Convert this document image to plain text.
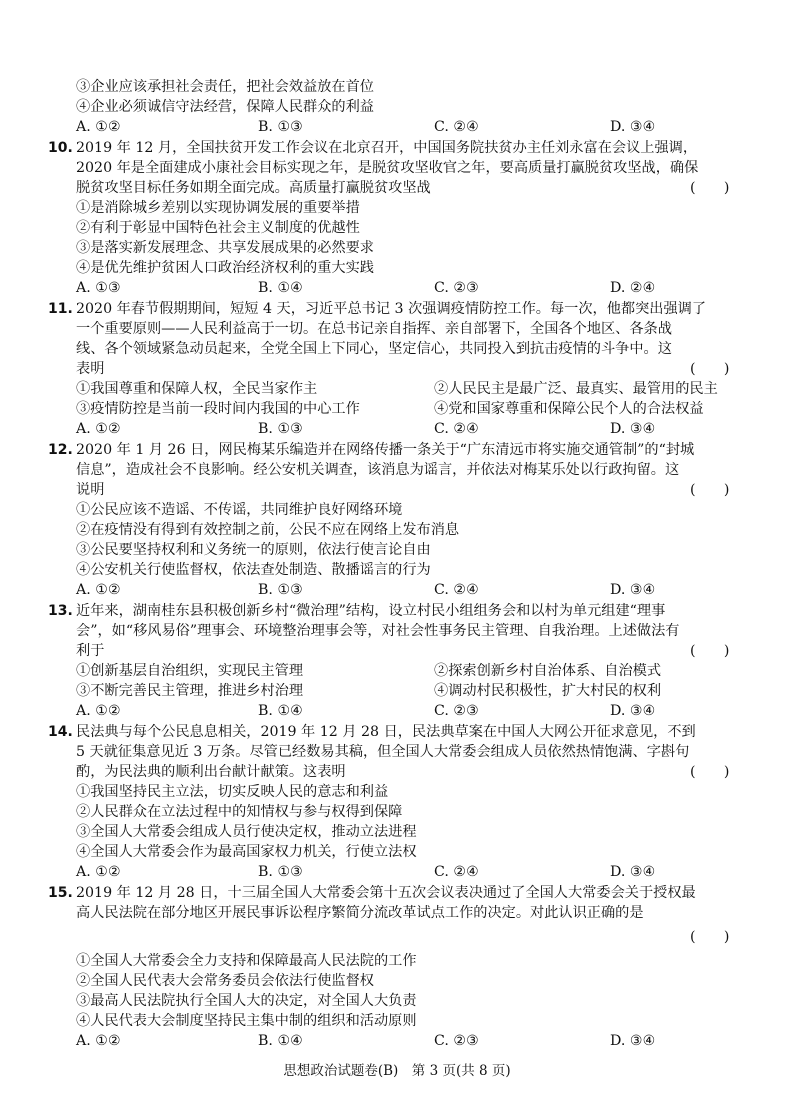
③企业应该承担社会责任，把社会效益放在首位
④企业必须诚信守法经营，保障人民群众的利益
A. ①②	B. ①③	C. ②④	D. ③④
10. 2019 年 12 月，全国扶贫开发工作会议在北京召开，中国国务院扶贫办主任刘永富在会议上强调，
2020 年是全面建成小康社会目标实现之年，是脱贫攻坚收官之年，要高质量打赢脱贫攻坚战，确保
脱贫攻坚目标任务如期全面完成。高质量打赢脱贫攻坚战	(　　)
①是消除城乡差别以实现协调发展的重要举措
②有利于彰显中国特色社会主义制度的优越性
③是落实新发展理念、共享发展成果的必然要求
④是优先维护贫困人口政治经济权利的重大实践
A. ①③	B. ①④	C. ②③	D. ②④
11. 2020 年春节假期期间，短短 4 天，习近平总书记 3 次强调疫情防控工作。每一次，他都突出强调了
一个重要原则——人民利益高于一切。在总书记亲自指挥、亲自部署下，全国各个地区、各条战
线、各个领域紧急动员起来，全党全国上下同心，坚定信心，共同投入到抗击疫情的斗争中。这
表明	(　　)
①我国尊重和保障人权，全民当家作主	②人民民主是最广泛、最真实、最管用的民主
③疫情防控是当前一段时间内我国的中心工作	④党和国家尊重和保障公民个人的合法权益
A. ①②	B. ①③	C. ②④	D. ③④
12. 2020 年 1 月 26 日，网民梅某乐编造并在网络传播一条关于“广东清远市将实施交通管制”的“封城
信息”，造成社会不良影响。经公安机关调查，该消息为谣言，并依法对梅某乐处以行政拘留。这
说明	(　　)
①公民应该不造谣、不传谣，共同维护良好网络环境
②在疫情没有得到有效控制之前，公民不应在网络上发布消息
③公民要坚持权利和义务统一的原则，依法行使言论自由
④公安机关行使监督权，依法查处制造、散播谣言的行为
A. ①②	B. ①③	C. ②④	D. ③④
13. 近年来，湖南桂东县积极创新乡村“微治理”结构，设立村民小组组务会和以村为单元组建“理事
会”，如“移风易俗”理事会、环境整治理事会等，对社会性事务民主管理、自我治理。上述做法有
利于	(　　)
①创新基层自治组织，实现民主管理	②探索创新乡村自治体系、自治模式
③不断完善民主管理，推进乡村治理	④调动村民积极性，扩大村民的权利
A. ①②	B. ①④	C. ②③	D. ③④
14. 民法典与每个公民息息相关，2019 年 12 月 28 日，民法典草案在中国人大网公开征求意见，不到
5 天就征集意见近 3 万条。尽管已经数易其稿，但全国人大常委会组成人员依然热情饱满、字斟句
酌，为民法典的顺利出台献计献策。这表明	(　　)
①我国坚持民主立法，切实反映人民的意志和利益
②人民群众在立法过程中的知情权与参与权得到保障
③全国人大常委会组成人员行使决定权，推动立法进程
④全国人大常委会作为最高国家权力机关，行使立法权
A. ①②	B. ①③	C. ②④	D. ③④
15. 2019 年 12 月 28 日，十三届全国人大常委会第十五次会议表决通过了全国人大常委会关于授权最
高人民法院在部分地区开展民事诉讼程序繁简分流改革试点工作的决定。对此认识正确的是
(　　)
①全国人大常委会全力支持和保障最高人民法院的工作
②全国人民代表大会常务委员会依法行使监督权
③最高人民法院执行全国人大的决定，对全国人大负责
④人民代表大会制度坚持民主集中制的组织和活动原则
A. ①②	B. ①④	C. ②③	D. ③④
思想政治试题卷(B)　第 3 页(共 8 页)
